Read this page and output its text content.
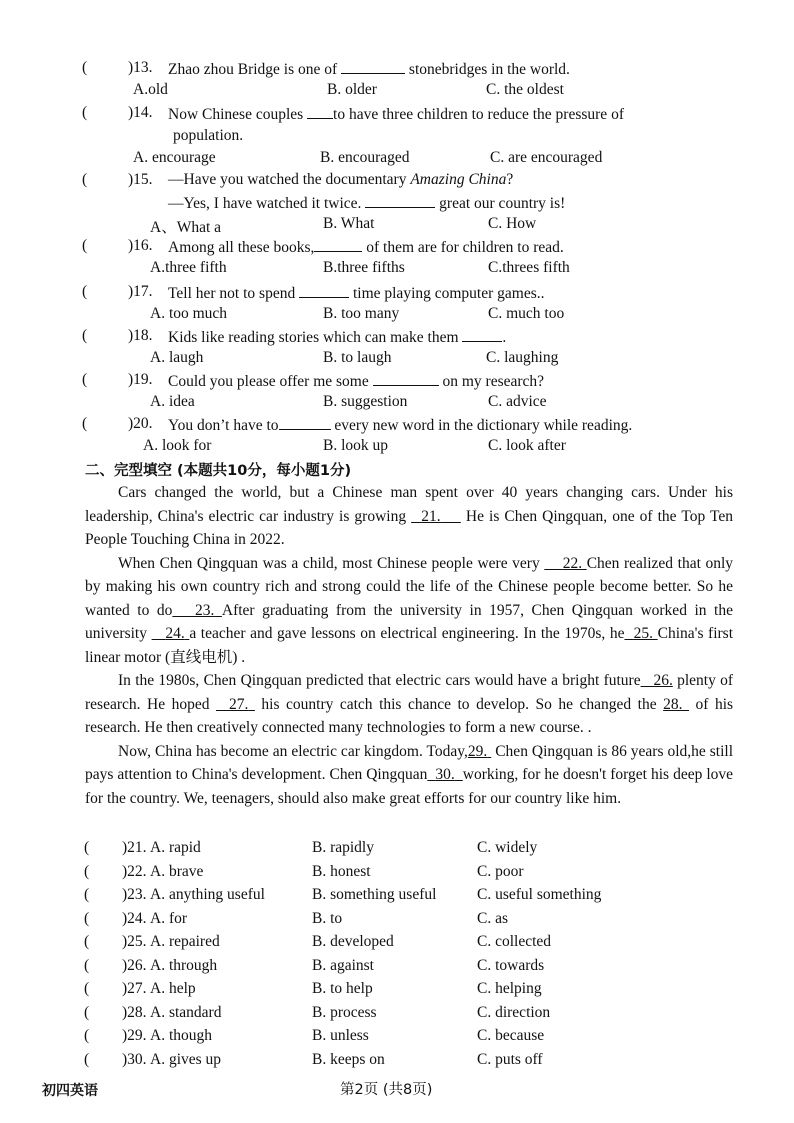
(	)13. Zhao zhou Bridge is one of	stonebridges in the world.
A.old	B. older	C. the oldest
(	)14. Now Chinese couples to have three children to reduce the pressure of
population.
A. encourage	B. encouraged	C. are encouraged
(	)15. —Have you watched the documentary Amazing China?
—Yes, I have watched it twice.	great our country is!
A、What a	B. What	C. How
(	)16. Among all these books,	of them are for children to read.
A.three fifth	B.three fifths	C.threes fifth
(	)17. Tell her not to spend	time playing computer games..
A. too much	B. too many	C. much too
(	)18. Kids like reading stories which can make them	.
A. laugh	B. to laugh	C. laughing
(	)19. Could you please offer me some	on my research?
A. idea	B. suggestion	C. advice
(	)20. You don’t have to	every new word in the dictionary while reading.
A. look for	B. look up	C. look after
二、完型填空 (本题共10分，每小题1分)

Cars changed the world, but a Chinese man spent over 40 years changing cars. Under his leadership, China's electric car industry is growing   21.     He is Chen Qingquan, one of the Top Ten People Touching China in 2022.

When Chen Qingquan was a child, most Chinese people were very     22. Chen realized that only by making his own country rich and strong could the life of the Chinese people become better. So he wanted to do 23. After graduating from the university in 1957, Chen Qingquan worked in the university    24. a teacher and gave lessons on electrical engineering. In the 1970s, he 25. China's first linear motor (直线电机) .

In the 1980s, Chen Qingquan predicted that electric cars would have a bright future 26. plenty of research. He hoped   27.  his country catch this chance to develop. So he changed the 28.  of his research. He then creatively connected many technologies to form a new course. .

Now, China has become an electric car kingdom. Today,29.  Chen Qingquan is 86 years old,he still pays attention to China's development. Chen Qingquan 30. working, for he doesn't forget his deep love for the country. We, teenagers, should also make great efforts for our country like him.

( )21. A. rapid	B. rapidly	C. widely
( )22. A. brave	B. honest	C. poor
( )23. A. anything useful	B. something useful	C. useful something
( )24. A. for	B. to	C. as
( )25. A. repaired	B. developed	C. collected
( )26. A. through	B. against	C. towards
( )27. A. help	B. to help	C. helping
( )28. A. standard	B. process	C. direction
( )29. A. though	B. unless	C. because
( )30. A. gives up	B. keeps on	C. puts off
初四英语	第2页 (共8页)
